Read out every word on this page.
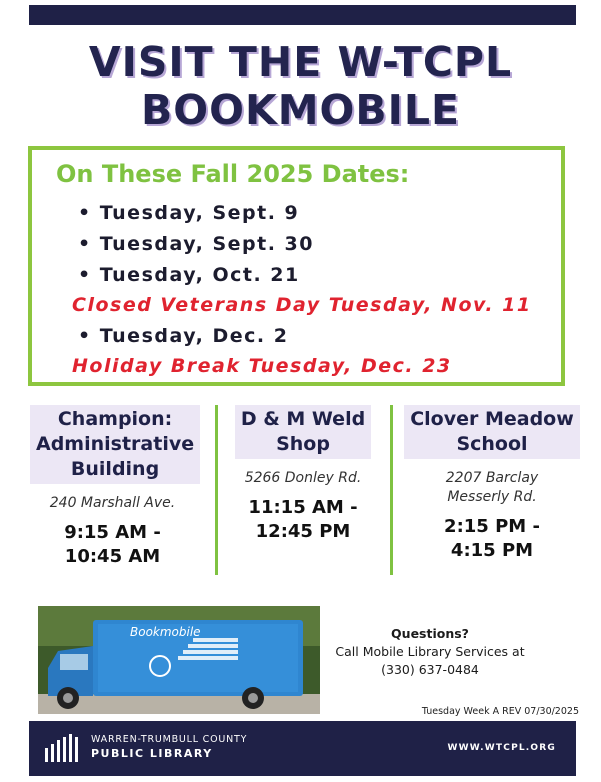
VISIT THE W-TCPL
BOOKMOBILE
On These Fall 2025 Dates:
• Tuesday, Sept. 9
• Tuesday, Sept. 30
• Tuesday, Oct. 21
Closed Veterans Day Tuesday, Nov. 11
• Tuesday, Dec. 2
Holiday Break Tuesday, Dec. 23
Champion:
Administrative
Building
240 Marshall Ave.
9:15 AM -
10:45 AM
D & M Weld
Shop
5266 Donley Rd.
11:15 AM -
12:45 PM
Clover Meadow
School
2207 Barclay
Messerly Rd.
2:15 PM -
4:15 PM
Bookmobile	Questions?
Call Mobile Library Services at
(330) 637-0484
Tuesday Week A REV 07/30/2025
WARREN-TRUMBULL COUNTY
PUBLIC LIBRARY	WWW.WTCPL.ORG
